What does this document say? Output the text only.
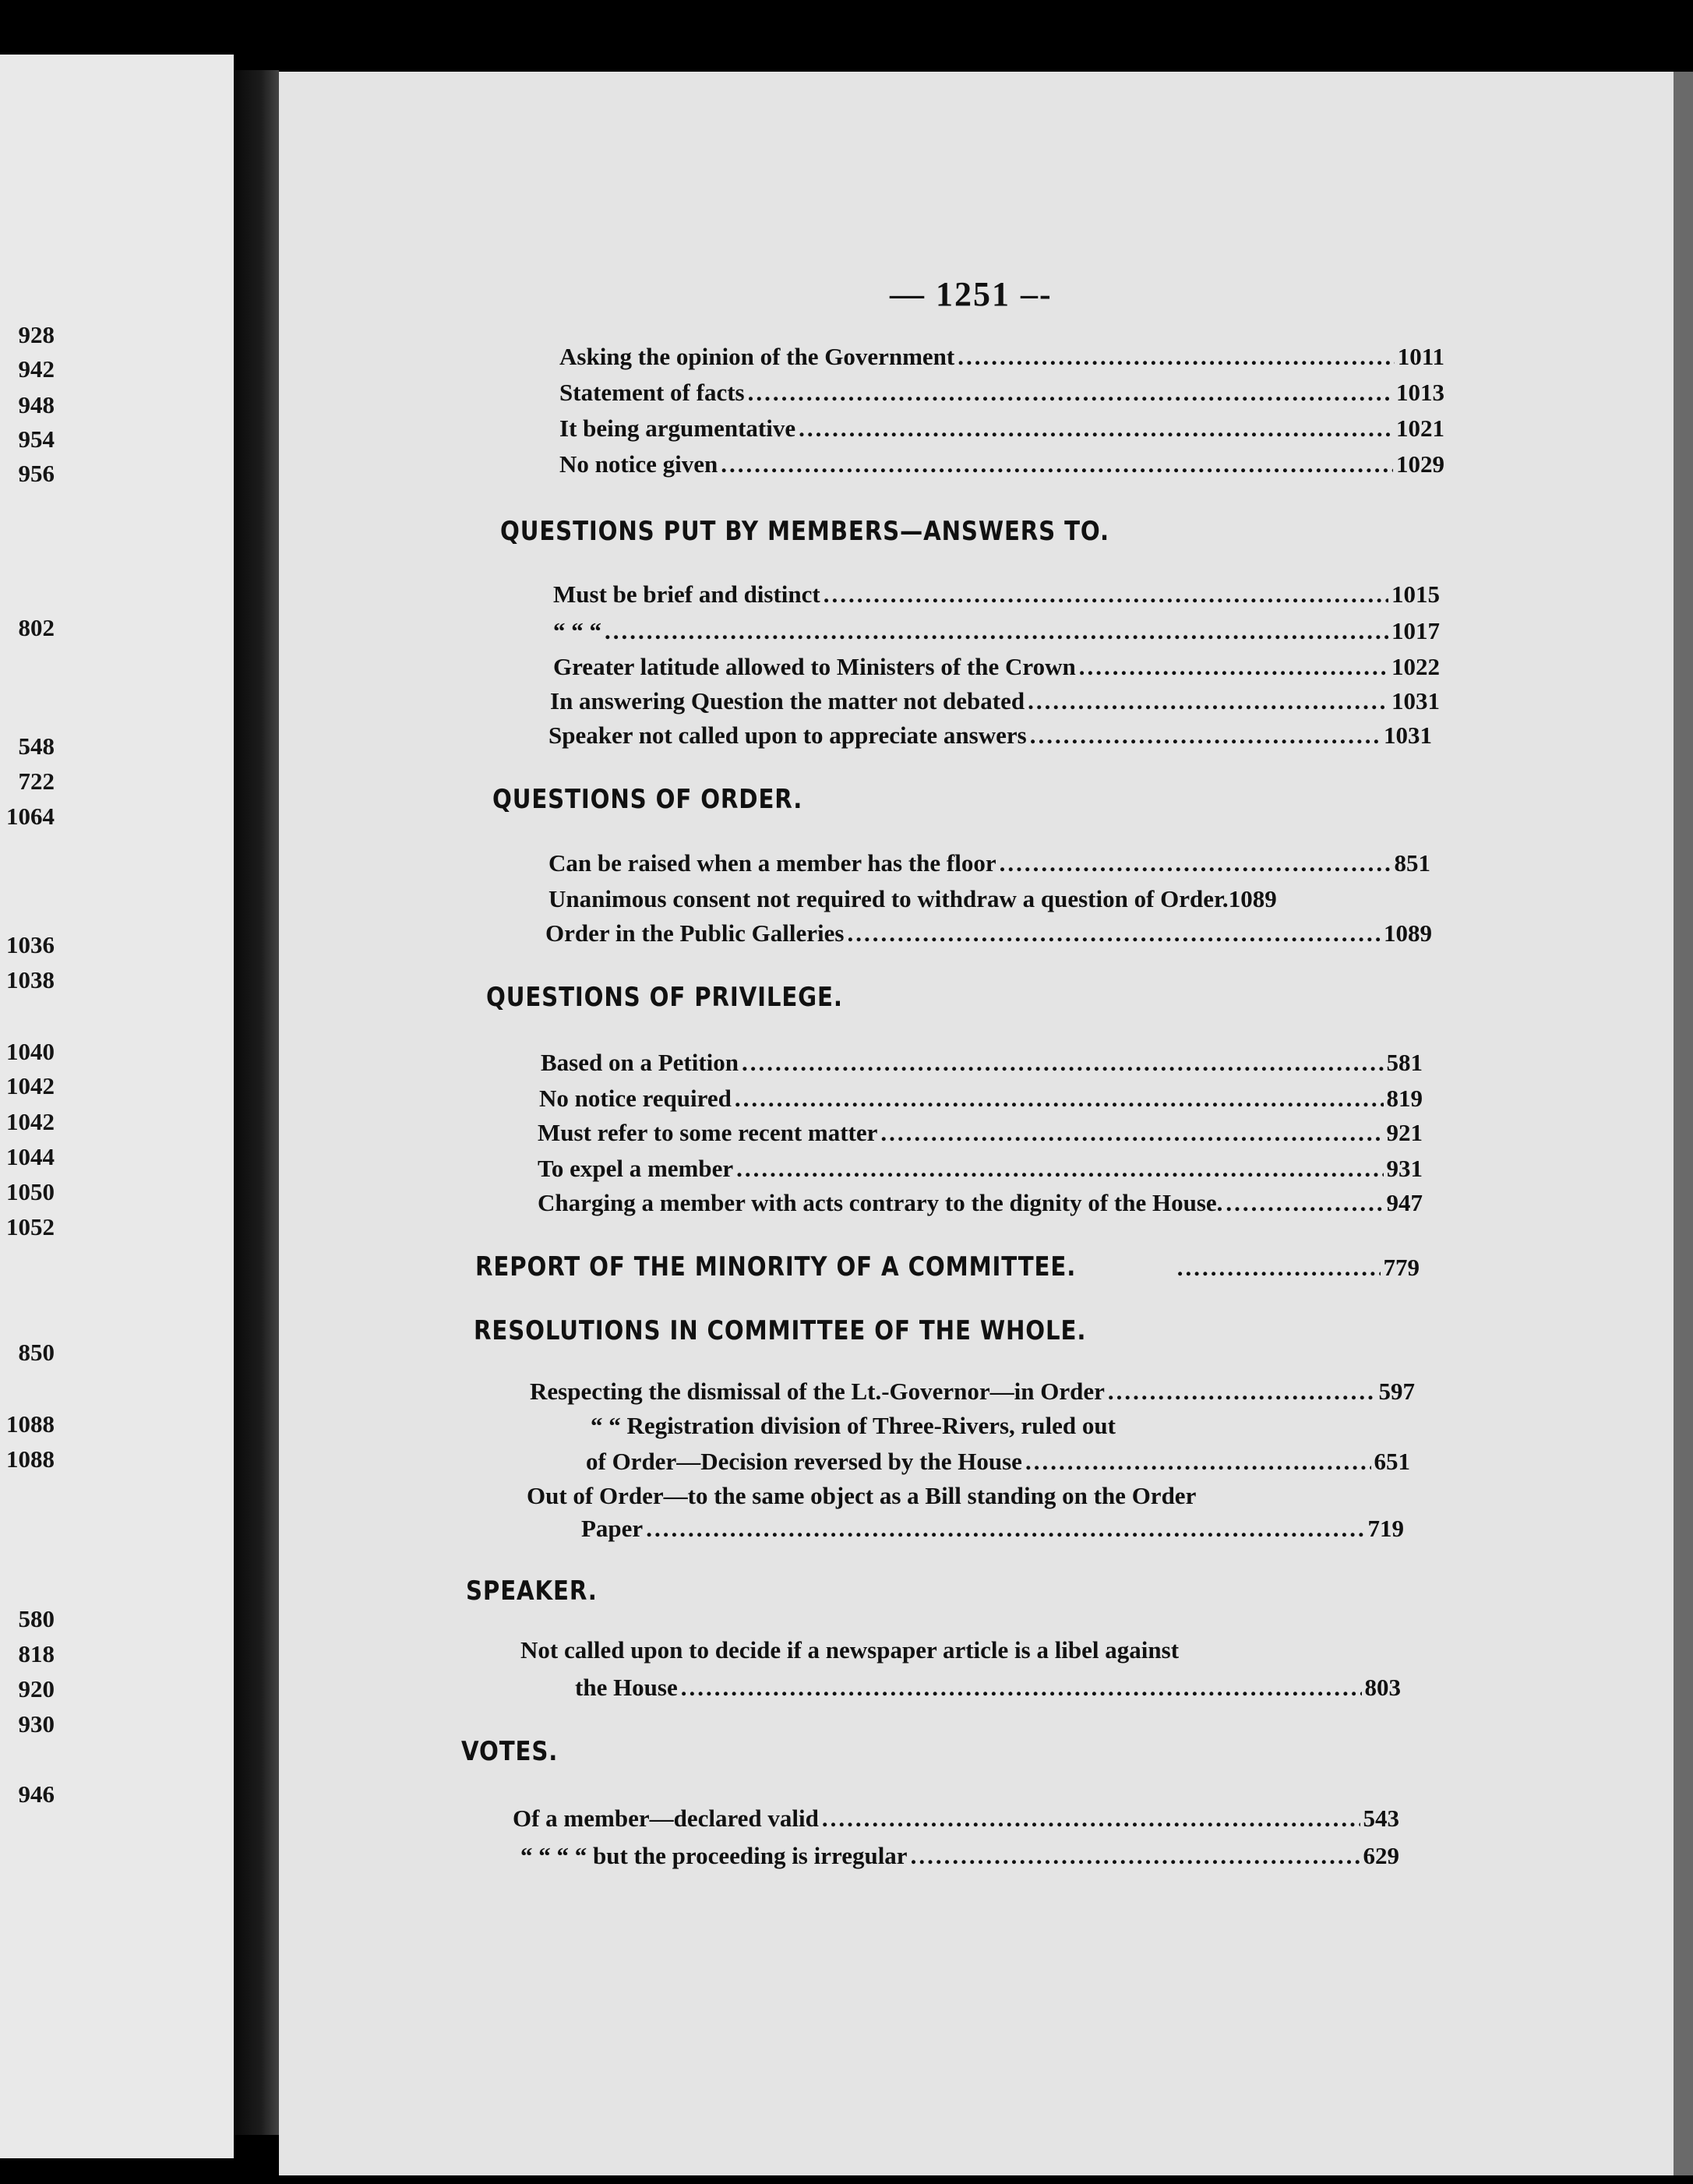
928
942
948
954
956
802
548
722
1064
1036
1038
1040
1042
1042
1044
1050
1052
850
1088
1088
580
818
920
930
946
— 1251 –-
Asking the opinion of the Government .....	1011
Statement of facts .....	1013
It being argumentative .....	1021
No notice given .....	1029
QUESTIONS PUT BY MEMBERS—ANSWERS TO.
Must be brief and distinct .....	1015
“ “ “ .....	1017
Greater latitude allowed to Ministers of the Crown .....	1022
In answering Question the matter not debated .....	1031
Speaker not called upon to appreciate answers .....	1031
QUESTIONS OF ORDER.
Can be raised when a member has the floor .....	851
Unanimous consent not required to withdraw a question of Order. 1089
Order in the Public Galleries .....	1089
QUESTIONS OF PRIVILEGE.
Based on a Petition .....	581
No notice required .....	819
Must refer to some recent matter .....	921
To expel a member .....	931
Charging a member with acts contrary to the dignity of the House. .....	947
REPORT OF THE MINORITY OF A COMMITTEE. .....	779
RESOLUTIONS IN COMMITTEE OF THE WHOLE.
Respecting the dismissal of the Lt.-Governor—in Order .....	597
“ “ Registration division of Three-Rivers, ruled out
of Order—Decision reversed by the House .....	651
Out of Order—to the same object as a Bill standing on the Order
Paper .....	719
SPEAKER.
Not called upon to decide if a newspaper article is a libel against
the House .....	803
VOTES.
Of a member—declared valid .....	543
“ “ “ “ but the proceeding is irregular .....	629
